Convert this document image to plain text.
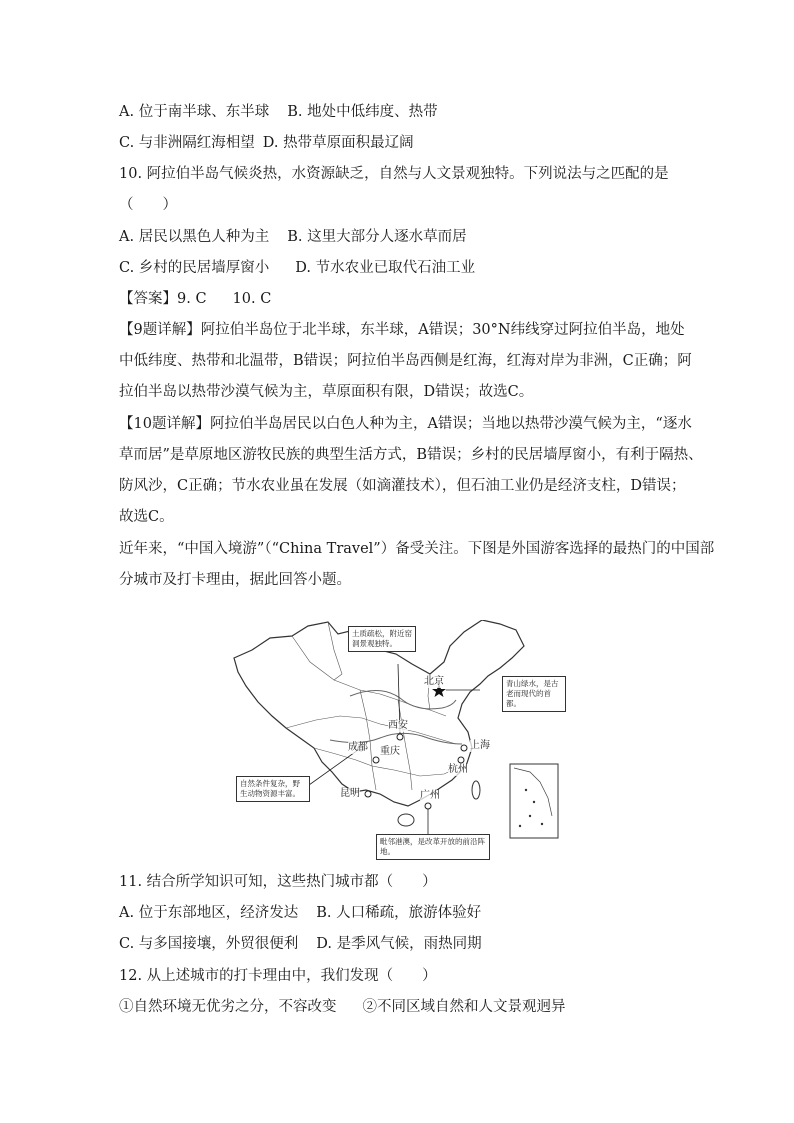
A. 位于南半球、东半球 B. 地处中低纬度、热带
C. 与非洲隔红海相望 D. 热带草原面积最辽阔
10. 阿拉伯半岛气候炎热，水资源缺乏，自然与人文景观独特。下列说法与之匹配的是
（　　）
A. 居民以黑色人种为主 B. 这里大部分人逐水草而居
C. 乡村的民居墙厚窗小 D. 节水农业已取代石油工业
【答案】9. C 10. C
【9题详解】阿拉伯半岛位于北半球，东半球，A错误；30°N纬线穿过阿拉伯半岛，地处
中低纬度、热带和北温带，B错误；阿拉伯半岛西侧是红海，红海对岸为非洲，C正确；阿
拉伯半岛以热带沙漠气候为主，草原面积有限，D错误；故选C。
【10题详解】阿拉伯半岛居民以白色人种为主，A错误；当地以热带沙漠气候为主，“逐水
草而居”是草原地区游牧民族的典型生活方式，B错误；乡村的民居墙厚窗小，有利于隔热、
防风沙，C正确；节水农业虽在发展（如滴灌技术），但石油工业仍是经济支柱，D错误；
故选C。
近年来，“中国入境游”（“China Travel”）备受关注。下图是外国游客选择的最热门的中国部
分城市及打卡理由，据此回答小题。
北京
西安
成都 重庆
上海
杭州
昆明	广州
土质疏松，附近窑洞景观独特。
青山绿水，是古老而现代的首都。
自然条件复杂，野生动物资源丰富。
毗邻港澳，是改革开放的前沿阵地。
11. 结合所学知识可知，这些热门城市都（　　）
A. 位于东部地区，经济发达 B. 人口稀疏，旅游体验好
C. 与多国接壤，外贸很便利 D. 是季风气候，雨热同期
12. 从上述城市的打卡理由中，我们发现（　　）
①自然环境无优劣之分，不容改变 ②不同区域自然和人文景观迥异
